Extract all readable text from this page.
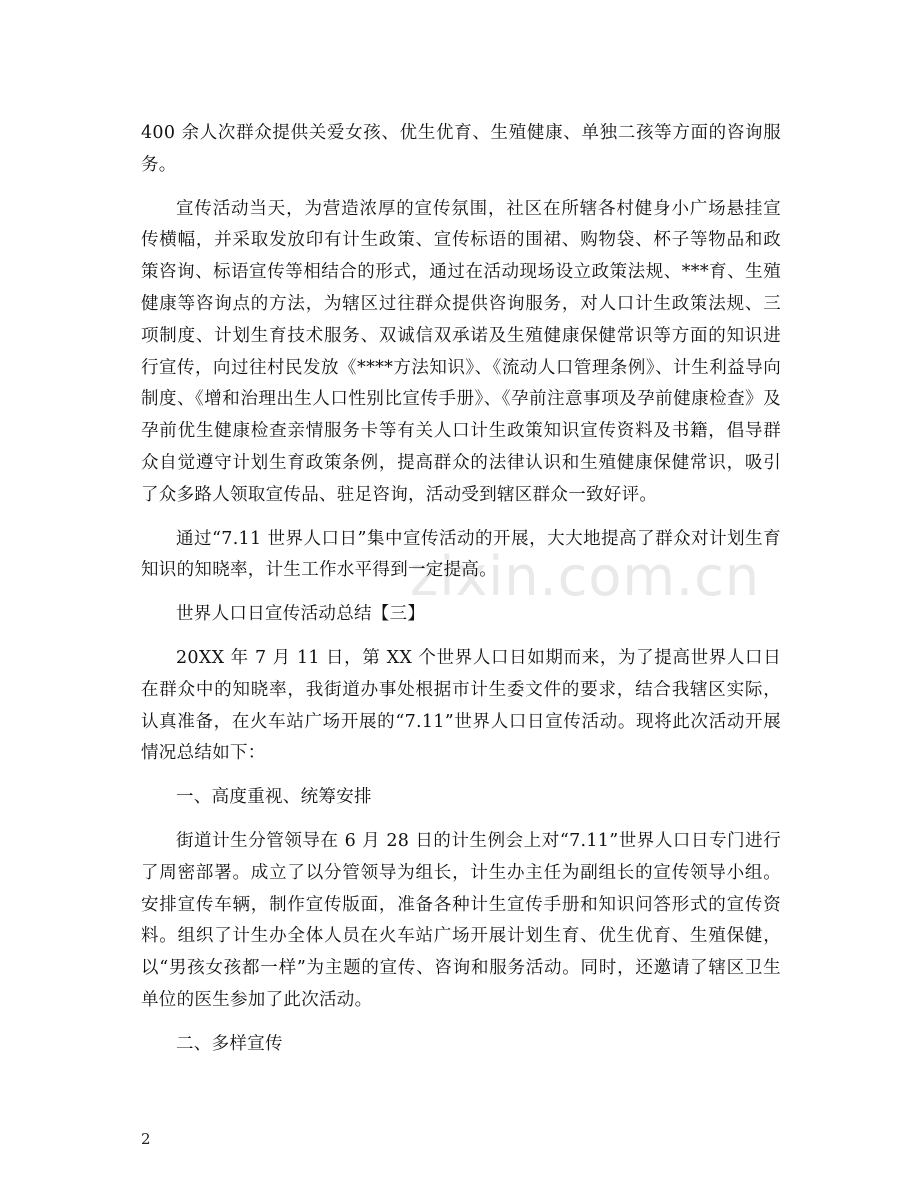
zixin.com.cn

400 余人次群众提供关爱女孩、优生优育、生殖健康、单独二孩等方面的咨询服务。

宣传活动当天，为营造浓厚的宣传氛围，社区在所辖各村健身小广场悬挂宣传横幅，并采取发放印有计生政策、宣传标语的围裙、购物袋、杯子等物品和政策咨询、标语宣传等相结合的形式，通过在活动现场设立政策法规、***育、生殖健康等咨询点的方法，为辖区过往群众提供咨询服务，对人口计生政策法规、三项制度、计划生育技术服务、双诚信双承诺及生殖健康保健常识等方面的知识进行宣传，向过往村民发放《****方法知识》、《流动人口管理条例》、计生利益导向制度、《增和治理出生人口性别比宣传手册》、《孕前注意事项及孕前健康检查》及孕前优生健康检查亲情服务卡等有关人口计生政策知识宣传资料及书籍，倡导群众自觉遵守计划生育政策条例，提高群众的法律认识和生殖健康保健常识，吸引了众多路人领取宣传品、驻足咨询，活动受到辖区群众一致好评。

通过“7.11 世界人口日”集中宣传活动的开展，大大地提高了群众对计划生育知识的知晓率，计生工作水平得到一定提高。

世界人口日宣传活动总结【三】

20XX 年 7 月 11 日，第 XX 个世界人口日如期而来，为了提高世界人口日在群众中的知晓率，我街道办事处根据市计生委文件的要求，结合我辖区实际，认真准备，在火车站广场开展的“7.11”世界人口日宣传活动。现将此次活动开展情况总结如下：

一、高度重视、统筹安排

街道计生分管领导在 6 月 28 日的计生例会上对“7.11”世界人口日专门进行了周密部署。成立了以分管领导为组长，计生办主任为副组长的宣传领导小组。安排宣传车辆，制作宣传版面，准备各种计生宣传手册和知识问答形式的宣传资料。组织了计生办全体人员在火车站广场开展计划生育、优生优育、生殖保健，以“男孩女孩都一样”为主题的宣传、咨询和服务活动。同时，还邀请了辖区卫生单位的医生参加了此次活动。

二、多样宣传

2
